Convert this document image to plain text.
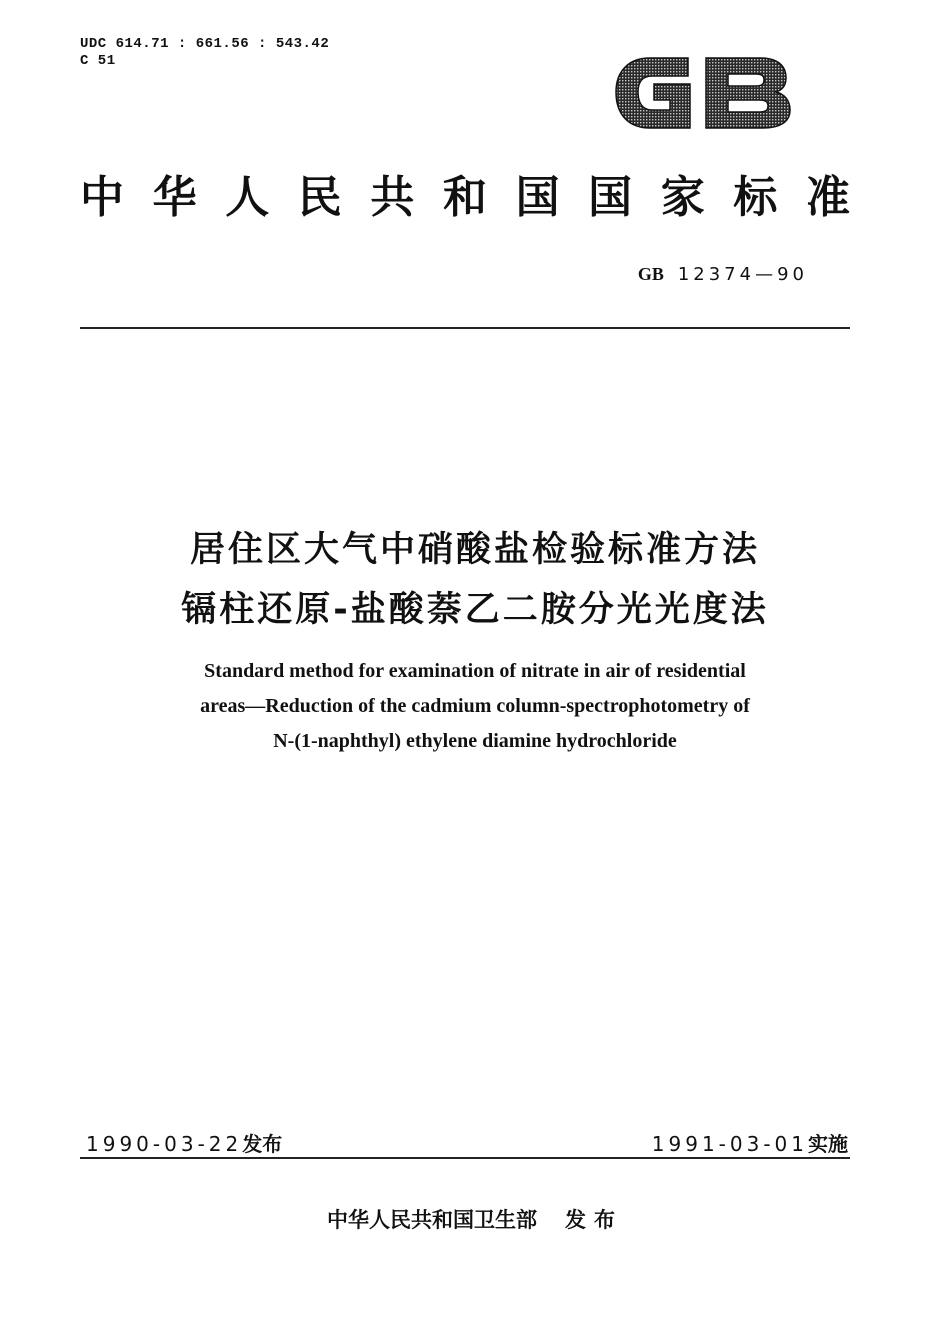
UDC 614.71 : 661.56 : 543.42
C 51
中 华 人 民 共 和 国 国 家 标 准
GB 12374—90
居住区大气中硝酸盐检验标准方法
镉柱还原-盐酸萘乙二胺分光光度法
Standard method for examination of nitrate in air of residential
areas—Reduction of the cadmium column-spectrophotometry of
N-(1-naphthyl) ethylene diamine hydrochloride
1990-03-22发布	1991-03-01实施
中华人民共和国卫生部 发布
